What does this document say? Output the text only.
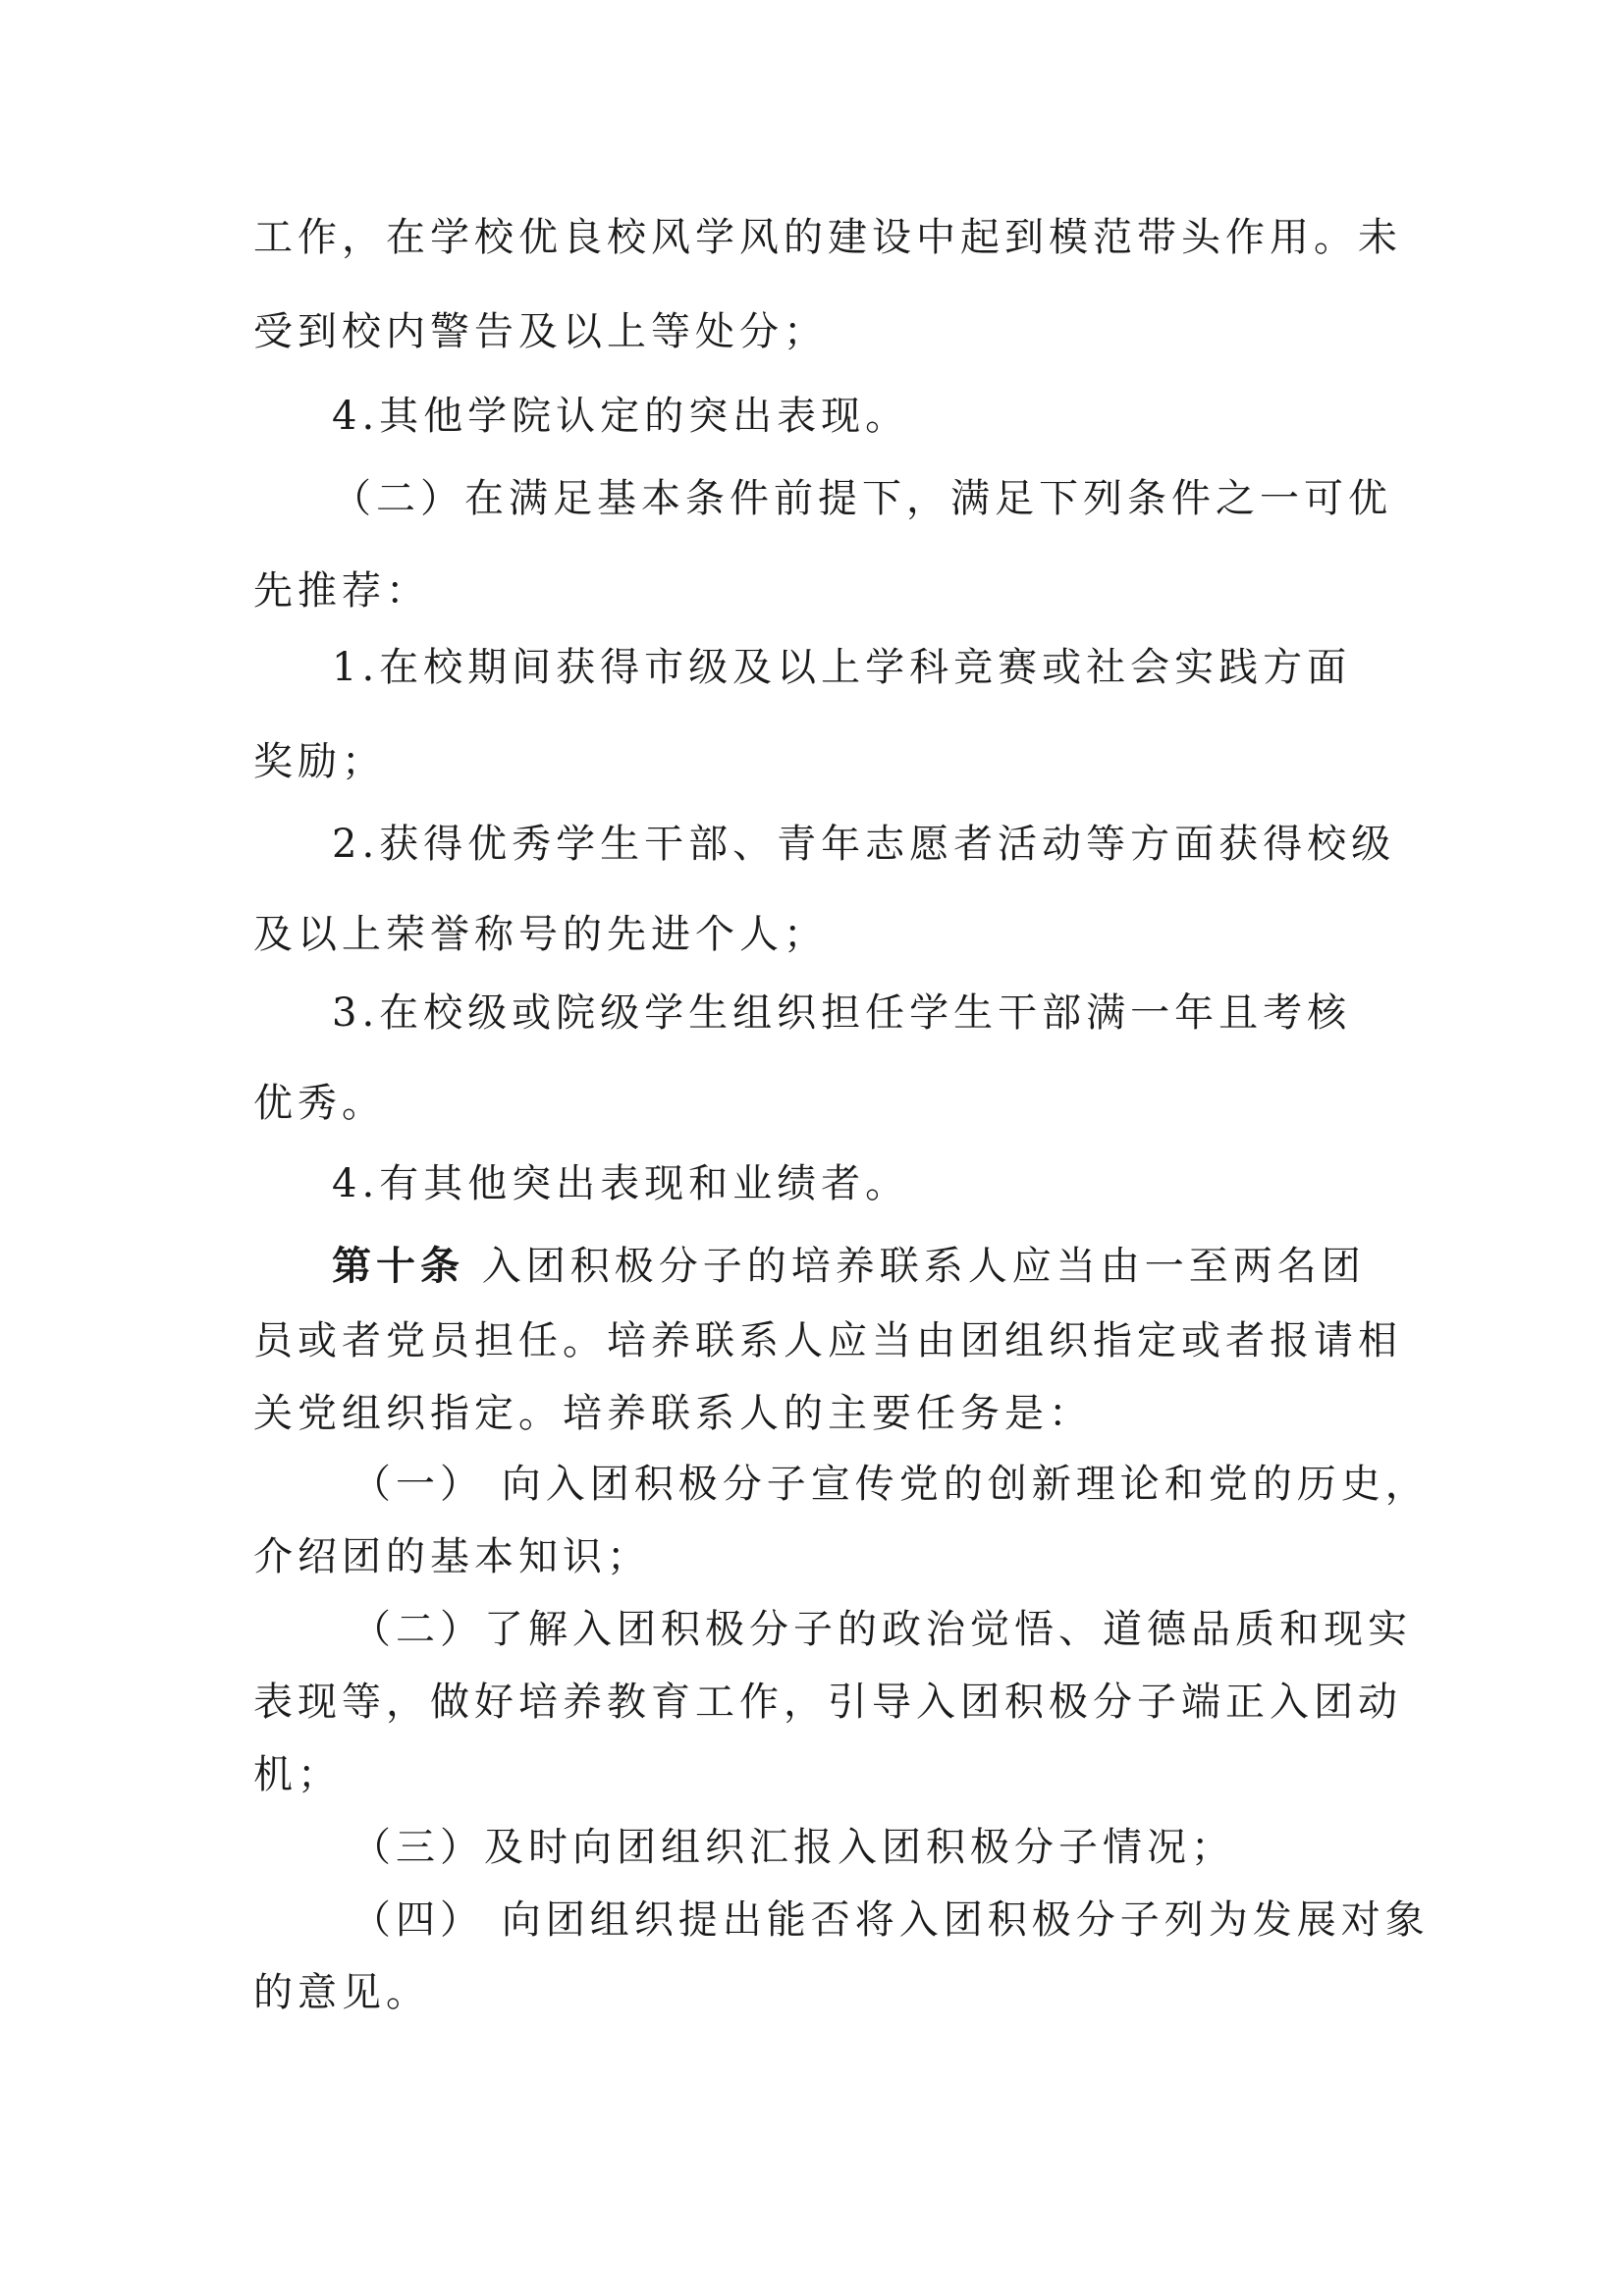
工作，在学校优良校风学风的建设中起到模范带头作用。未
受到校内警告及以上等处分；
4.其他学院认定的突出表现。
（二）在满足基本条件前提下，满足下列条件之一可优
先推荐：
1.在校期间获得市级及以上学科竞赛或社会实践方面
奖励；
2.获得优秀学生干部、青年志愿者活动等方面获得校级
及以上荣誉称号的先进个人；
3.在校级或院级学生组织担任学生干部满一年且考核
优秀。
4.有其他突出表现和业绩者。
第十条 入团积极分子的培养联系人应当由一至两名团
员或者党员担任。培养联系人应当由团组织指定或者报请相
关党组织指定。培养联系人的主要任务是：
（一） 向入团积极分子宣传党的创新理论和党的历史，
介绍团的基本知识；
（二）了解入团积极分子的政治觉悟、道德品质和现实
表现等，做好培养教育工作，引导入团积极分子端正入团动
机；
（三）及时向团组织汇报入团积极分子情况；
（四） 向团组织提出能否将入团积极分子列为发展对象
的意见。
